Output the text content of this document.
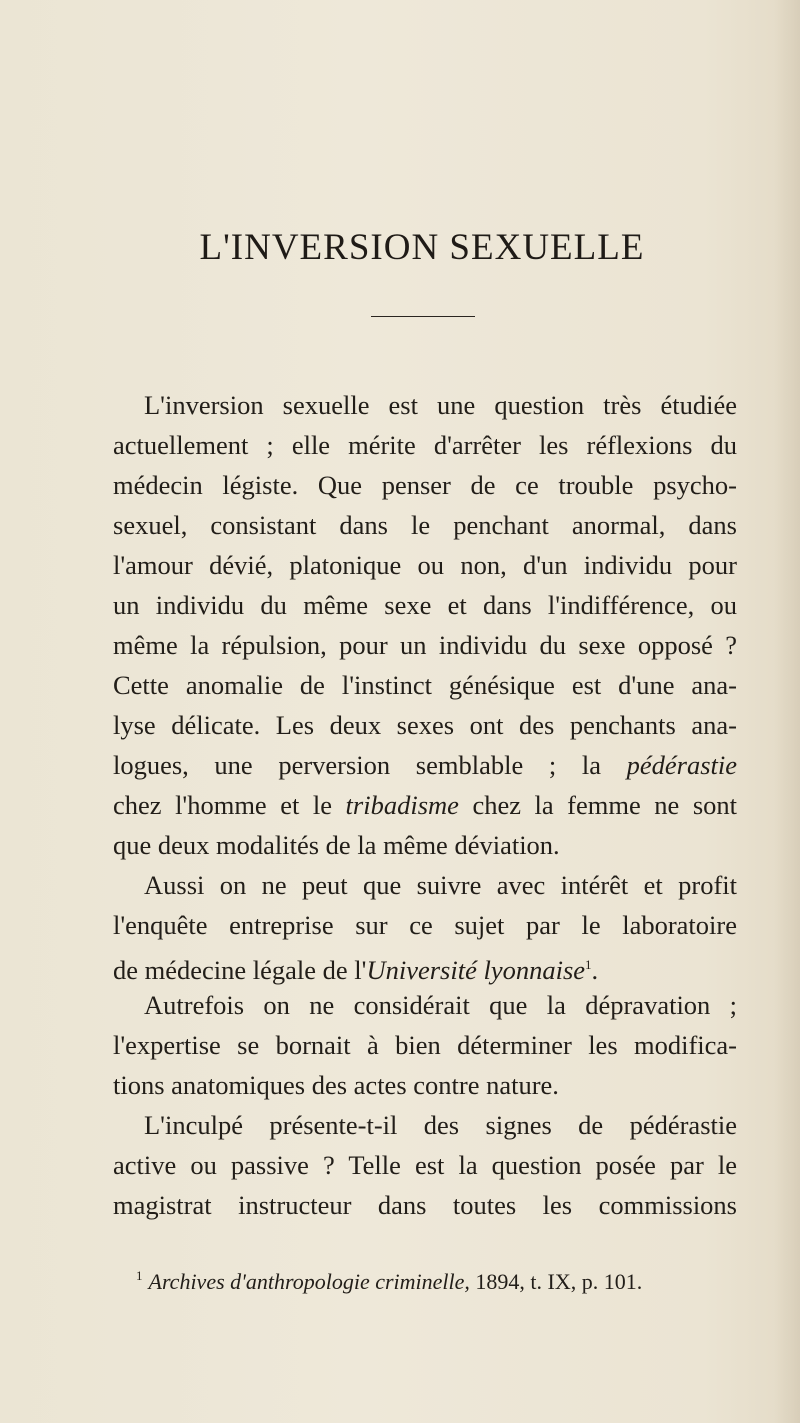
L'INVERSION SEXUELLE
L'inversion sexuelle est une question très étudiée
actuellement ; elle mérite d'arrêter les réflexions du
médecin légiste. Que penser de ce trouble psycho-
sexuel, consistant dans le penchant anormal, dans
l'amour dévié, platonique ou non, d'un individu pour
un individu du même sexe et dans l'indifférence, ou
même la répulsion, pour un individu du sexe opposé ?
Cette anomalie de l'instinct génésique est d'une ana-
lyse délicate. Les deux sexes ont des penchants ana-
logues, une perversion semblable ; la pédérastie
chez l'homme et le tribadisme chez la femme ne sont
que deux modalités de la même déviation.
Aussi on ne peut que suivre avec intérêt et profit
l'enquête entreprise sur ce sujet par le laboratoire
de médecine légale de l'Université lyonnaise$^1$.
Autrefois on ne considérait que la dépravation ;
l'expertise se bornait à bien déterminer les modifica-
tions anatomiques des actes contre nature.
L'inculpé présente-t-il des signes de pédérastie
active ou passive ? Telle est la question posée par le
magistrat instructeur dans toutes les commissions
$^1$ Archives d'anthropologie criminelle, 1894, t. IX, p. 101.
